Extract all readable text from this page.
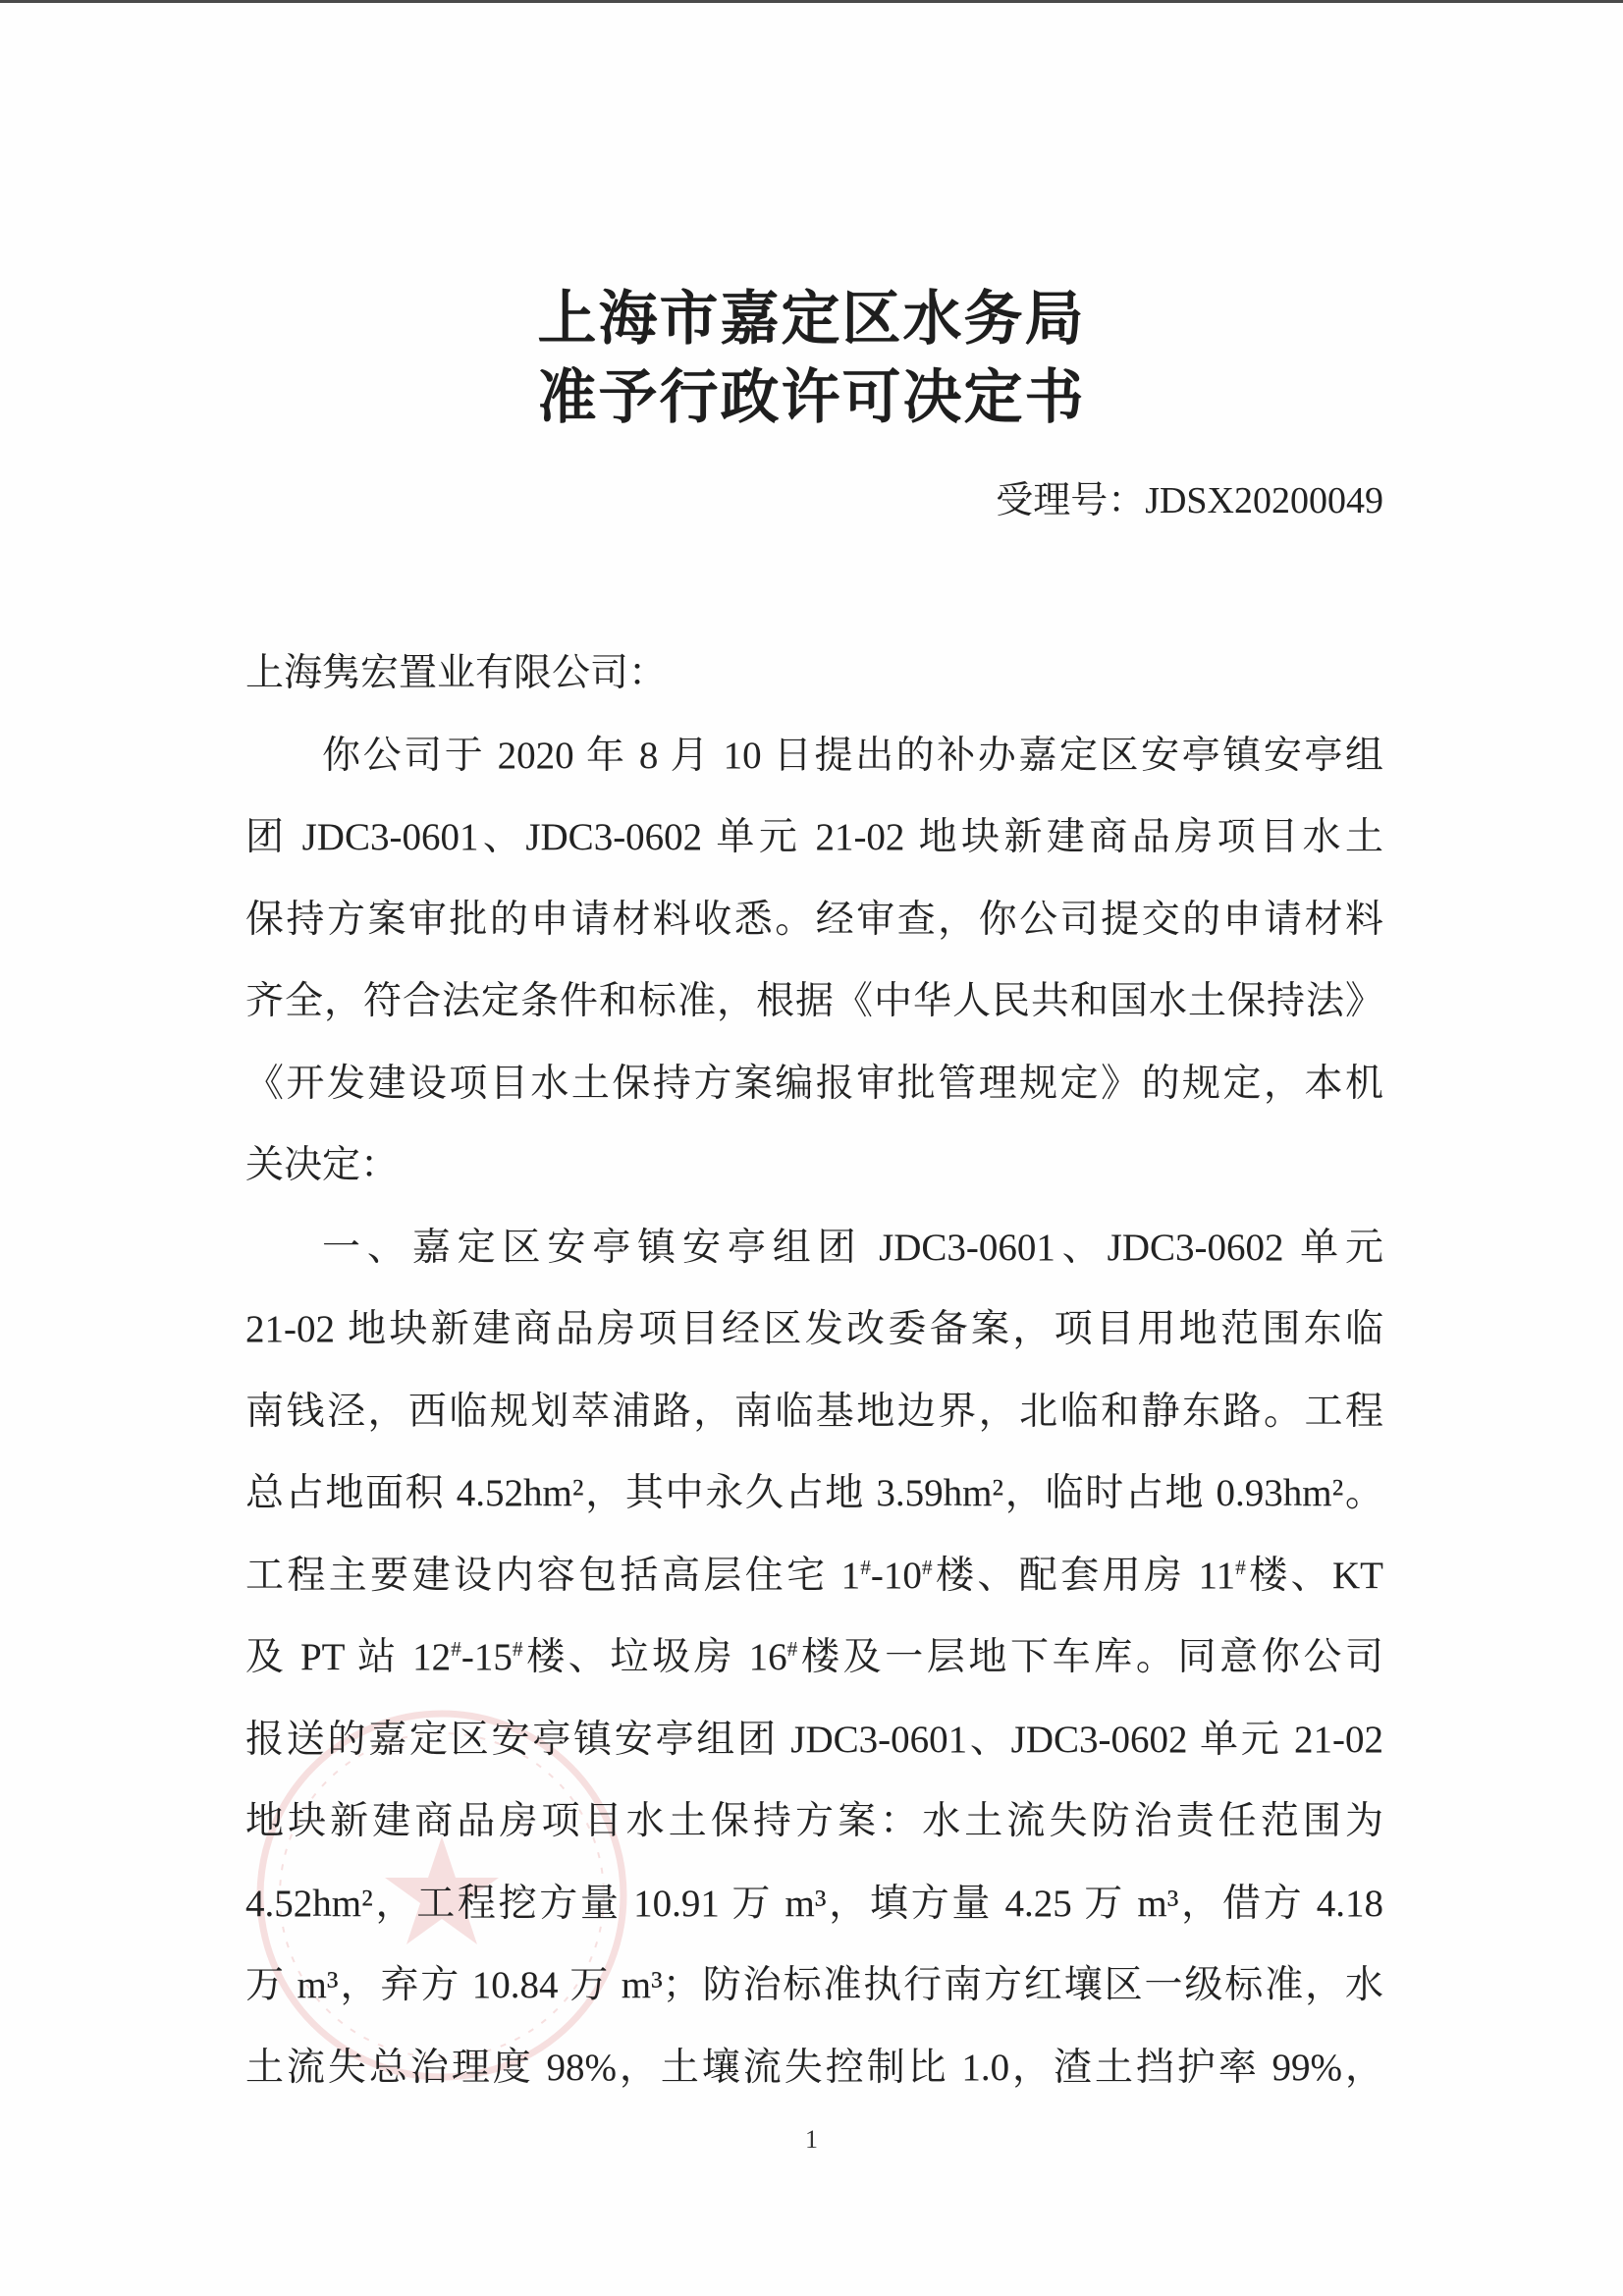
上海市嘉定区水务局
准予行政许可决定书
受理号：JDSX20200049
上海隽宏置业有限公司：
你公司于 2020 年 8 月 10 日提出的补办嘉定区安亭镇安亭组
团 JDC3-0601、JDC3-0602 单元 21-02 地块新建商品房项目水土
保持方案审批的申请材料收悉。经审查，你公司提交的申请材料
齐全，符合法定条件和标准，根据《中华人民共和国水土保持法》
《开发建设项目水土保持方案编报审批管理规定》的规定，本机
关决定：
一、嘉定区安亭镇安亭组团 JDC3-0601、JDC3-0602 单元
21-02 地块新建商品房项目经区发改委备案，项目用地范围东临
南钱泾，西临规划萃浦路，南临基地边界，北临和静东路。工程
总占地面积 4.52hm²，其中永久占地 3.59hm²，临时占地 0.93hm²。
工程主要建设内容包括高层住宅 1#-10#楼、配套用房 11#楼、KT
及 PT 站 12#-15#楼、垃圾房 16#楼及一层地下车库。同意你公司
报送的嘉定区安亭镇安亭组团 JDC3-0601、JDC3-0602 单元 21-02
地块新建商品房项目水土保持方案：水土流失防治责任范围为
4.52hm²，工程挖方量 10.91 万 m³，填方量 4.25 万 m³，借方 4.18
万 m³，弃方 10.84 万 m³；防治标准执行南方红壤区一级标准，水
土流失总治理度 98%，土壤流失控制比 1.0，渣土挡护率 99%，
1
